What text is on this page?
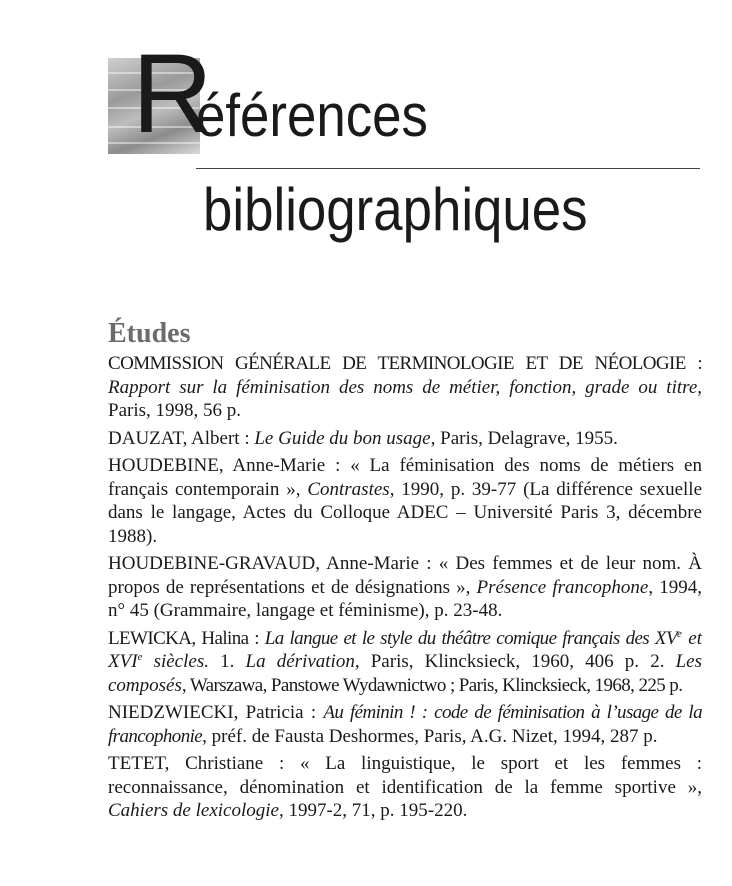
R
éférences
bibliographiques
Études

COMMISSION GÉNÉRALE DE TERMINOLOGIE ET DE NÉOLOGIE : Rapport sur la féminisation des noms de métier, fonction, grade ou titre, Paris, 1998, 56 p.

DAUZAT, Albert : Le Guide du bon usage, Paris, Delagrave, 1955.

HOUDEBINE, Anne-Marie : « La féminisation des noms de métiers en français contemporain », Contrastes, 1990, p. 39-77 (La différence sexuelle dans le langage, Actes du Colloque ADEC – Université Paris 3, décembre 1988).

HOUDEBINE-GRAVAUD, Anne-Marie : « Des femmes et de leur nom. À propos de représentations et de désignations », Présence francophone, 1994, n° 45 (Grammaire, langage et féminisme), p. 23-48.

LEWICKA, Halina : La langue et le style du théâtre comique français des XVe et XVIe siècles. 1. La dérivation, Paris, Klincksieck, 1960, 406 p. 2. Les composés, Warszawa, Panstowe Wydawnictwo ; Paris, Klincksieck, 1968, 225 p.

NIEDZWIECKI, Patricia : Au féminin ! : code de féminisation à l’usage de la francophonie, préf. de Fausta Deshormes, Paris, A.G. Nizet, 1994, 287 p.

TETET, Christiane : « La linguistique, le sport et les femmes : reconnaissance, dénomination et identification de la femme sportive », Cahiers de lexicologie, 1997-2, 71, p. 195-220.
